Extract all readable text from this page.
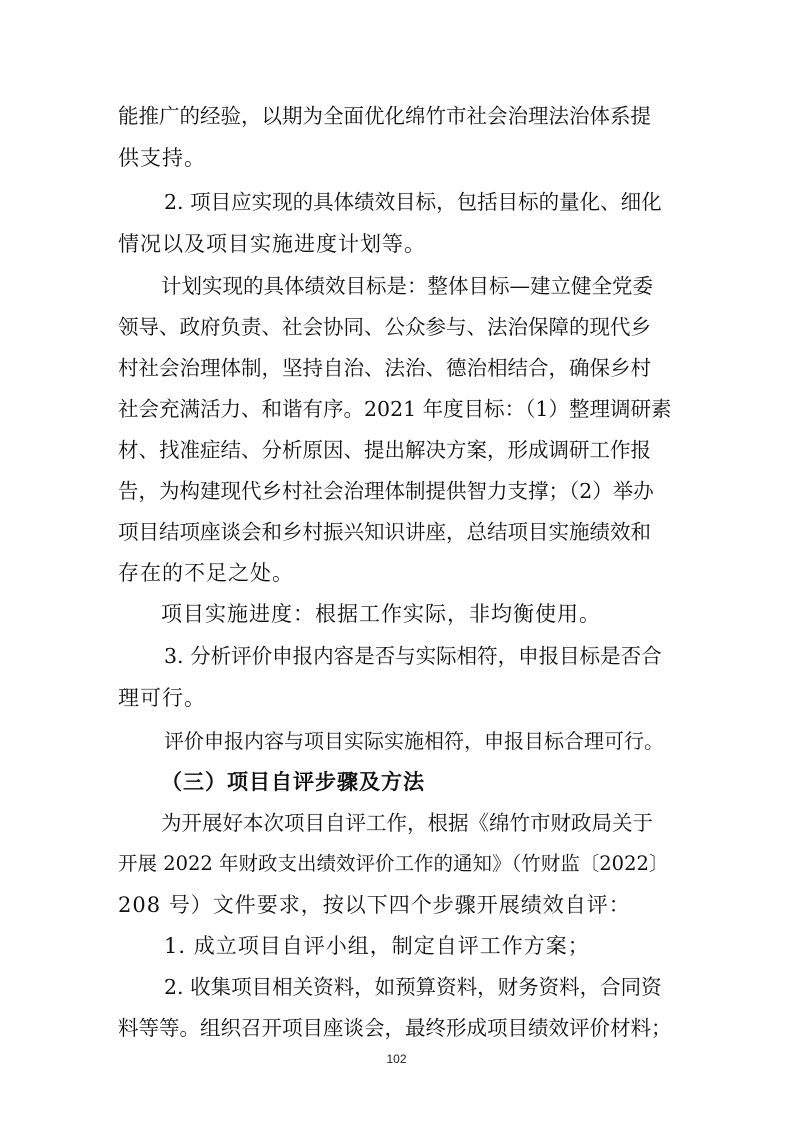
能推广的经验，以期为全面优化绵竹市社会治理法治体系提
供支持。
2. 项目应实现的具体绩效目标，包括目标的量化、细化
情况以及项目实施进度计划等。
计划实现的具体绩效目标是：整体目标—建立健全党委
领导、政府负责、社会协同、公众参与、法治保障的现代乡
村社会治理体制，坚持自治、法治、德治相结合，确保乡村
社会充满活力、和谐有序。2021 年度目标：（1）整理调研素
材、找准症结、分析原因、提出解决方案，形成调研工作报
告，为构建现代乡村社会治理体制提供智力支撑；（2）举办
项目结项座谈会和乡村振兴知识讲座，总结项目实施绩效和
存在的不足之处。
项目实施进度：根据工作实际，非均衡使用。
3. 分析评价申报内容是否与实际相符，申报目标是否合
理可行。
评价申报内容与项目实际实施相符，申报目标合理可行。
（三）项目自评步骤及方法
为开展好本次项目自评工作，根据《绵竹市财政局关于
开展 2022 年财政支出绩效评价工作的通知》（竹财监〔2022〕
208 号）文件要求，按以下四个步骤开展绩效自评：
1. 成立项目自评小组，制定自评工作方案；
2. 收集项目相关资料，如预算资料，财务资料，合同资
料等等。组织召开项目座谈会，最终形成项目绩效评价材料；
102
